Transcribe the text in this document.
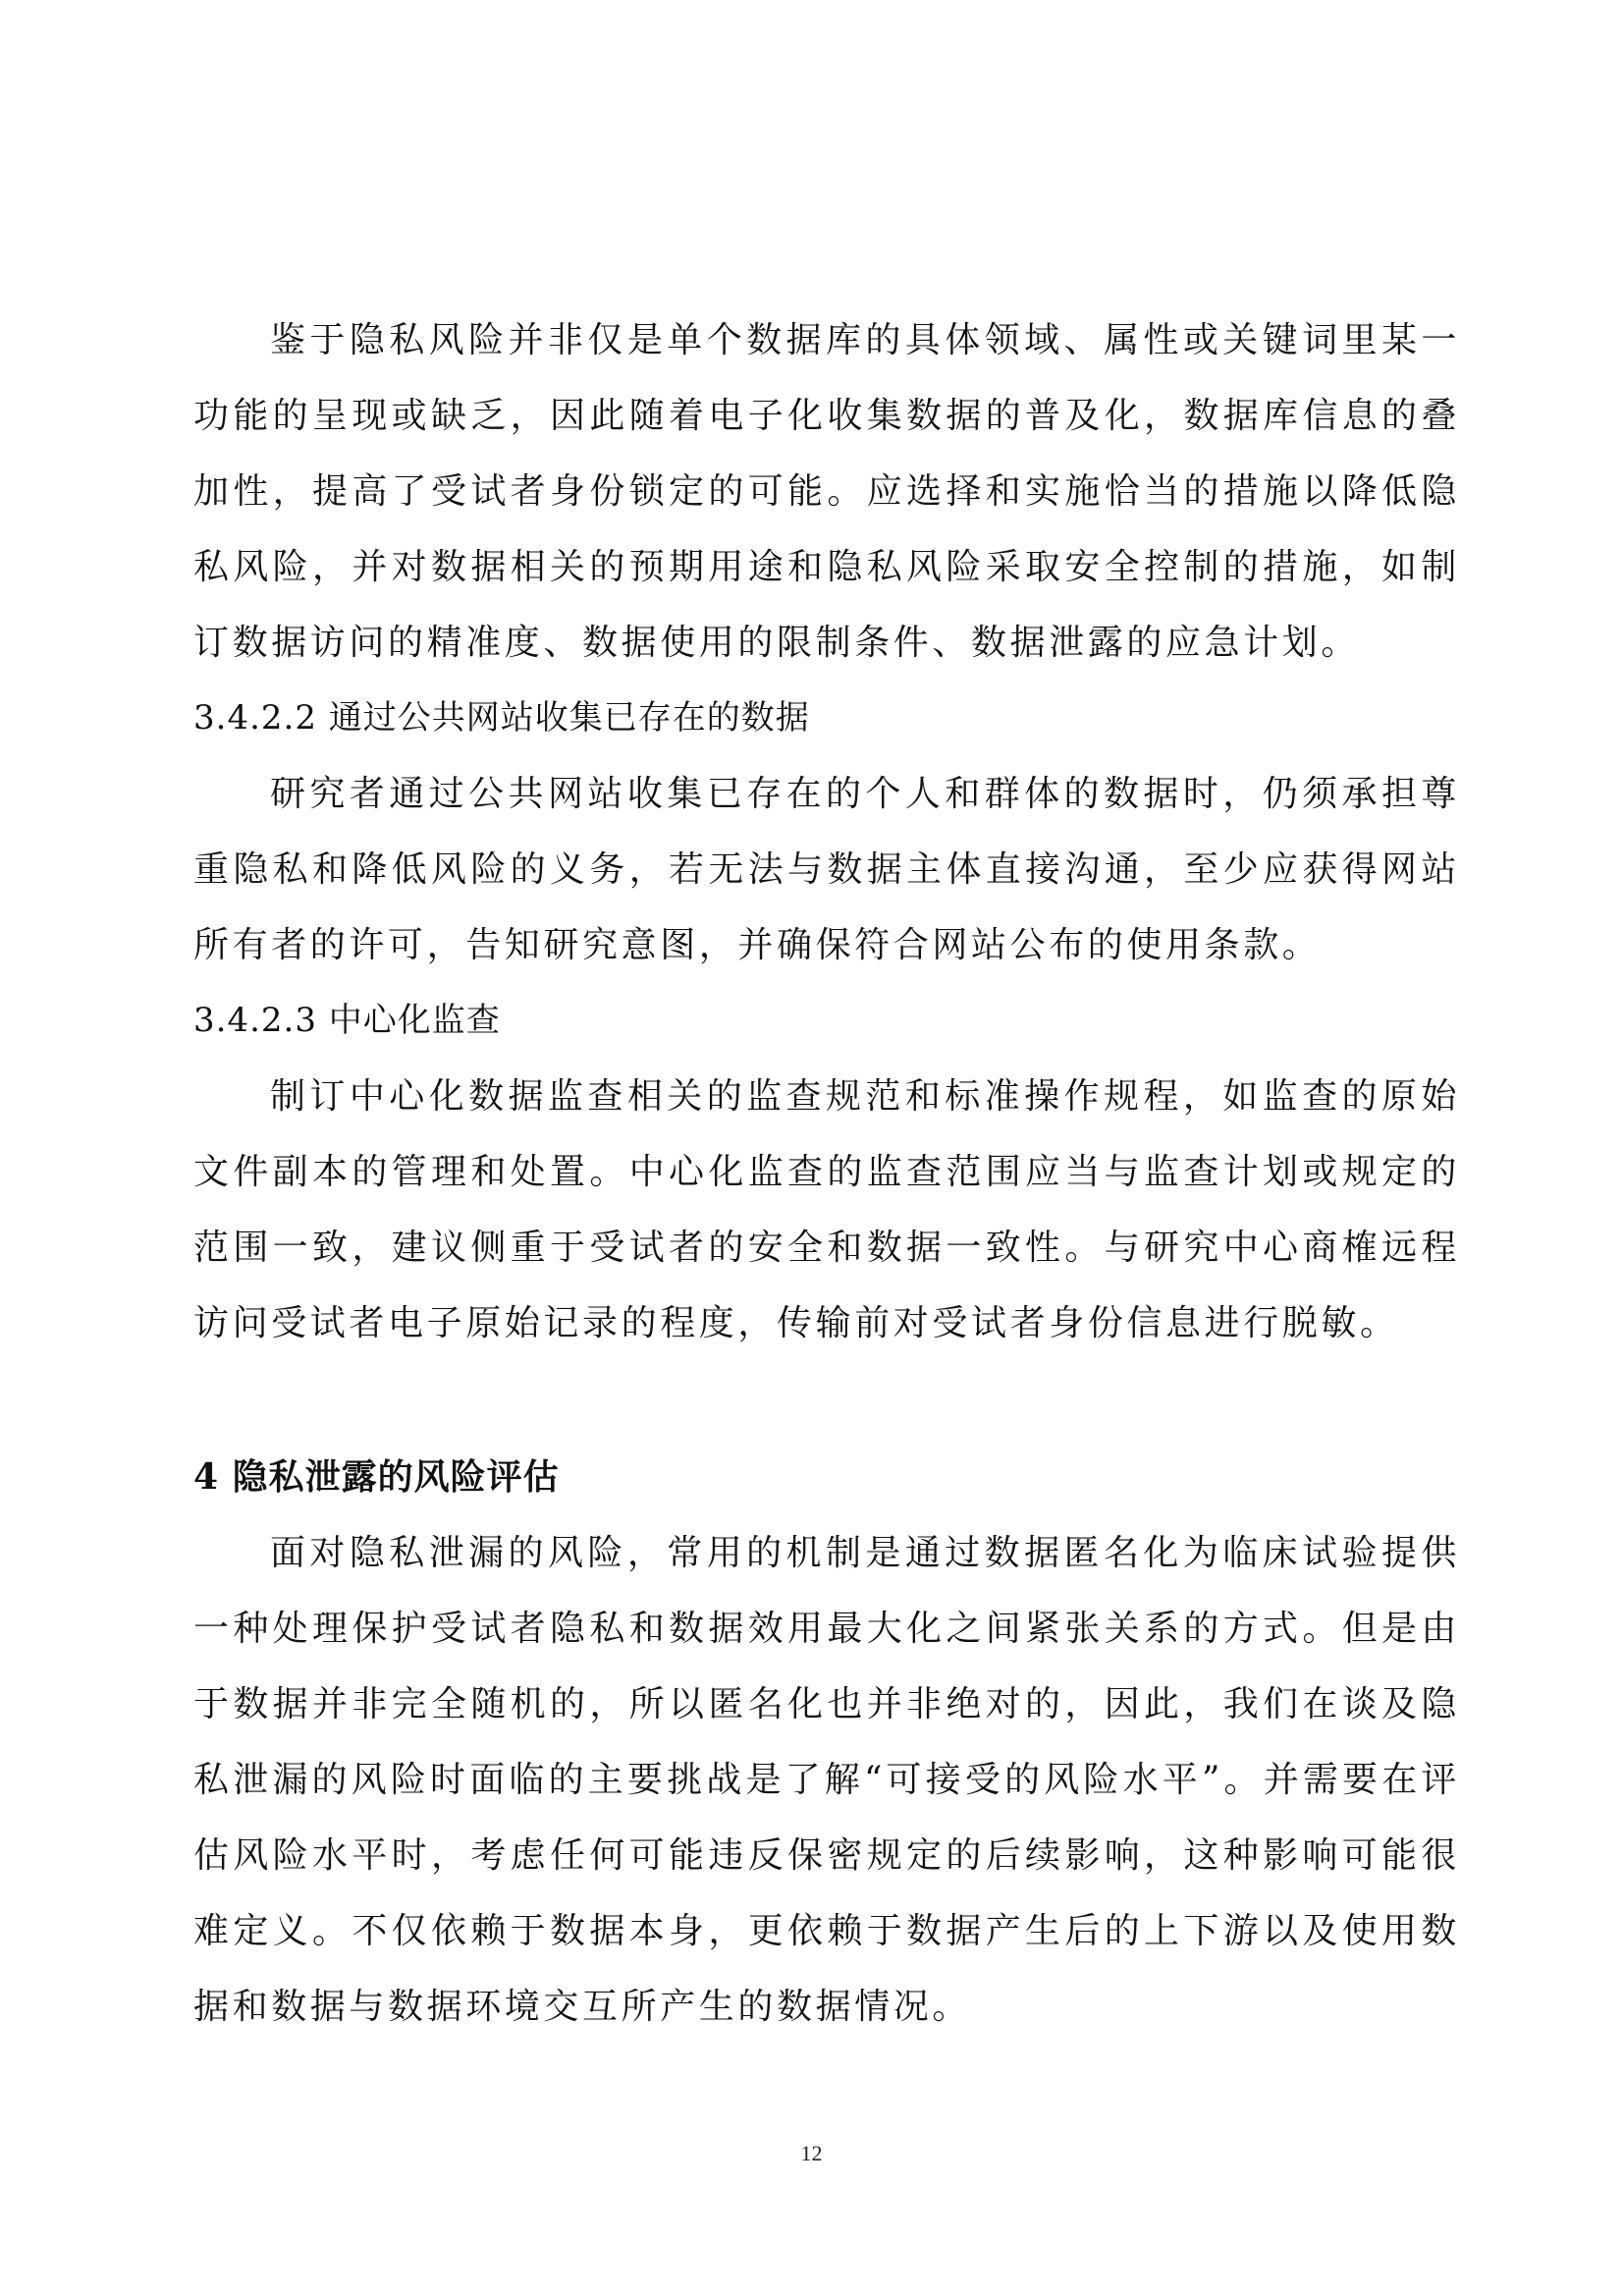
鉴于隐私风险并非仅是单个数据库的具体领域、属性或关键词里某一功能的呈现或缺乏，因此随着电子化收集数据的普及化，数据库信息的叠加性，提高了受试者身份锁定的可能。应选择和实施恰当的措施以降低隐私风险，并对数据相关的预期用途和隐私风险采取安全控制的措施，如制订数据访问的精准度、数据使用的限制条件、数据泄露的应急计划。

3.4.2.2 通过公共网站收集已存在的数据

研究者通过公共网站收集已存在的个人和群体的数据时，仍须承担尊重隐私和降低风险的义务，若无法与数据主体直接沟通，至少应获得网站所有者的许可，告知研究意图，并确保符合网站公布的使用条款。

3.4.2.3 中心化监查

制订中心化数据监查相关的监查规范和标准操作规程，如监查的原始文件副本的管理和处置。中心化监查的监查范围应当与监查计划或规定的范围一致，建议侧重于受试者的安全和数据一致性。与研究中心商榷远程访问受试者电子原始记录的程度，传输前对受试者身份信息进行脱敏。

4 隐私泄露的风险评估

面对隐私泄漏的风险，常用的机制是通过数据匿名化为临床试验提供一种处理保护受试者隐私和数据效用最大化之间紧张关系的方式。但是由于数据并非完全随机的，所以匿名化也并非绝对的，因此，我们在谈及隐私泄漏的风险时面临的主要挑战是了解“可接受的风险水平”。并需要在评估风险水平时，考虑任何可能违反保密规定的后续影响，这种影响可能很难定义。不仅依赖于数据本身，更依赖于数据产生后的上下游以及使用数据和数据与数据环境交互所产生的数据情况。

12
